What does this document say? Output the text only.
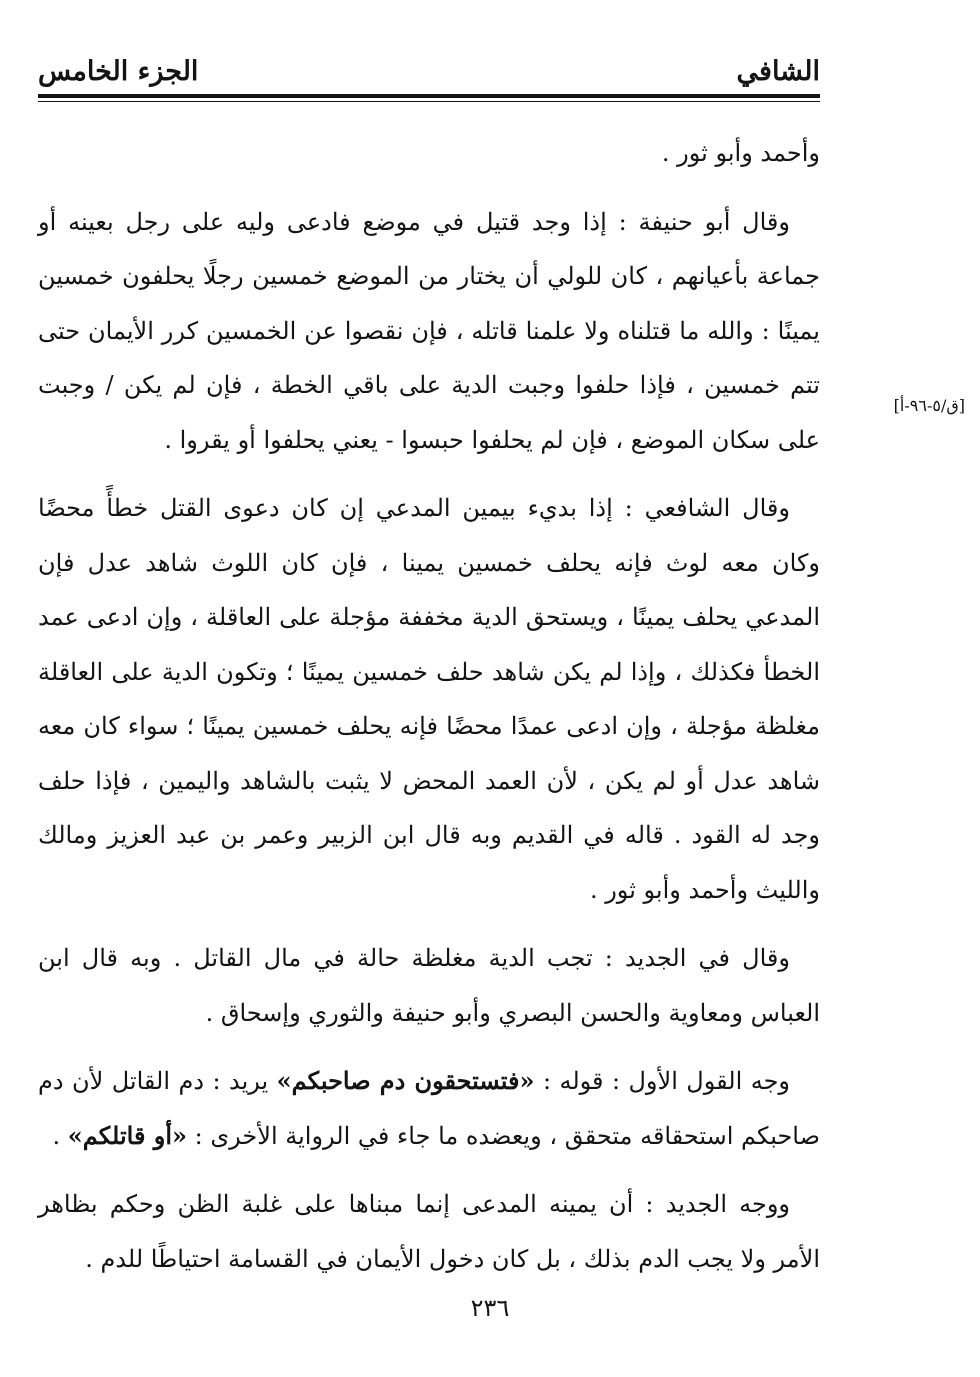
الشافي
الجزء الخامس
[ق/٥-٩٦-أ]

وأحمد وأبو ثور .

وقال أبو حنيفة : إذا وجد قتيل في موضع فادعى وليه على رجل بعينه أو جماعة بأعيانهم ، كان للولي أن يختار من الموضع خمسين رجلًا يحلفون خمسين يمينًا : والله ما قتلناه ولا علمنا قاتله ، فإن نقصوا عن الخمسين كرر الأيمان حتى تتم خمسين ، فإذا حلفوا وجبت الدية على باقي الخطة ، فإن لم يكن / وجبت على سكان الموضع ، فإن لم يحلفوا حبسوا - يعني يحلفوا أو يقروا .

وقال الشافعي : إذا بديء بيمين المدعي إن كان دعوى القتل خطأً محضًا وكان معه لوث فإنه يحلف خمسين يمينا ، فإن كان اللوث شاهد عدل فإن المدعي يحلف يمينًا ، ويستحق الدية مخففة مؤجلة على العاقلة ، وإن ادعى عمد الخطأ فكذلك ، وإذا لم يكن شاهد حلف خمسين يمينًا ؛ وتكون الدية على العاقلة مغلظة مؤجلة ، وإن ادعى عمدًا محضًا فإنه يحلف خمسين يمينًا ؛ سواء كان معه شاهد عدل أو لم يكن ، لأن العمد المحض لا يثبت بالشاهد واليمين ، فإذا حلف وجد له القود . قاله في القديم وبه قال ابن الزبير وعمر بن عبد العزيز ومالك والليث وأحمد وأبو ثور .

وقال في الجديد : تجب الدية مغلظة حالة في مال القاتل . وبه قال ابن العباس ومعاوية والحسن البصري وأبو حنيفة والثوري وإسحاق .

وجه القول الأول : قوله : «فتستحقون دم صاحبكم» يريد : دم القاتل لأن دم صاحبكم استحقاقه متحقق ، ويعضده ما جاء في الرواية الأخرى : «أو قاتلكم» .

ووجه الجديد : أن يمينه المدعى إنما مبناها على غلبة الظن وحكم بظاهر الأمر ولا يجب الدم بذلك ، بل كان دخول الأيمان في القسامة احتياطًا للدم .

٢٣٦
